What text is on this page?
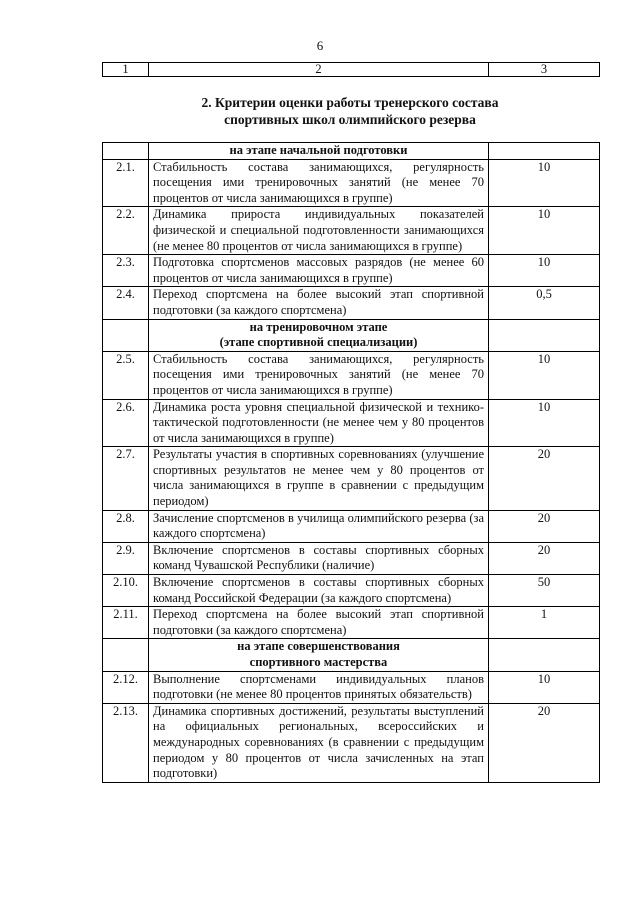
6
1	2	3
2. Критерии оценки работы тренерского состава
спортивных школ олимпийского резерва

	на этапе начальной подготовки	

2.1.	Стабильность состава занимающихся, регулярность посещения ими тренировочных занятий (не менее 70 процентов от числа занимающихся в группе)	10
2.2.	Динамика прироста индивидуальных показателей физической и специальной подготовленности занимающихся (не менее 80 процентов от числа занимающихся в группе)	10
2.3.	Подготовка спортсменов массовых разрядов (не менее 60 процентов от числа занимающихся в группе)	10
2.4.	Переход спортсмена на более высокий этап спортивной подготовки (за каждого спортсмена)	0,5

	на тренировочном этапе
(этапе спортивной специализации)	

2.5.	Стабильность состава занимающихся, регулярность посещения ими тренировочных занятий (не менее 70 процентов от числа занимающихся в группе)	10
2.6.	Динамика роста уровня специальной физической и технико-тактической подготовленности (не менее чем у 80 процентов от числа занимающихся в группе)	10
2.7.	Результаты участия в спортивных соревнованиях (улучшение спортивных результатов не менее чем у 80 процентов от числа занимающихся в группе в сравнении с предыдущим периодом)	20
2.8.	Зачисление спортсменов в училища олимпийского резерва (за каждого спортсмена)	20
2.9.	Включение спортсменов в составы спортивных сборных команд Чувашской Республики (наличие)	20
2.10.	Включение спортсменов в составы спортивных сборных команд Российской Федерации (за каждого спортсмена)	50
2.11.	Переход спортсмена на более высокий этап спортивной подготовки (за каждого спортсмена)	1

	на этапе совершенствования
спортивного мастерства	

2.12.	Выполнение спортсменами индивидуальных планов подготовки (не менее 80 процентов принятых обязательств)	10
2.13.	Динамика спортивных достижений, результаты выступлений на официальных региональных, всероссийских и международных соревнованиях (в сравнении с предыдущим периодом у 80 процентов от числа зачисленных на этап подготовки)	20
